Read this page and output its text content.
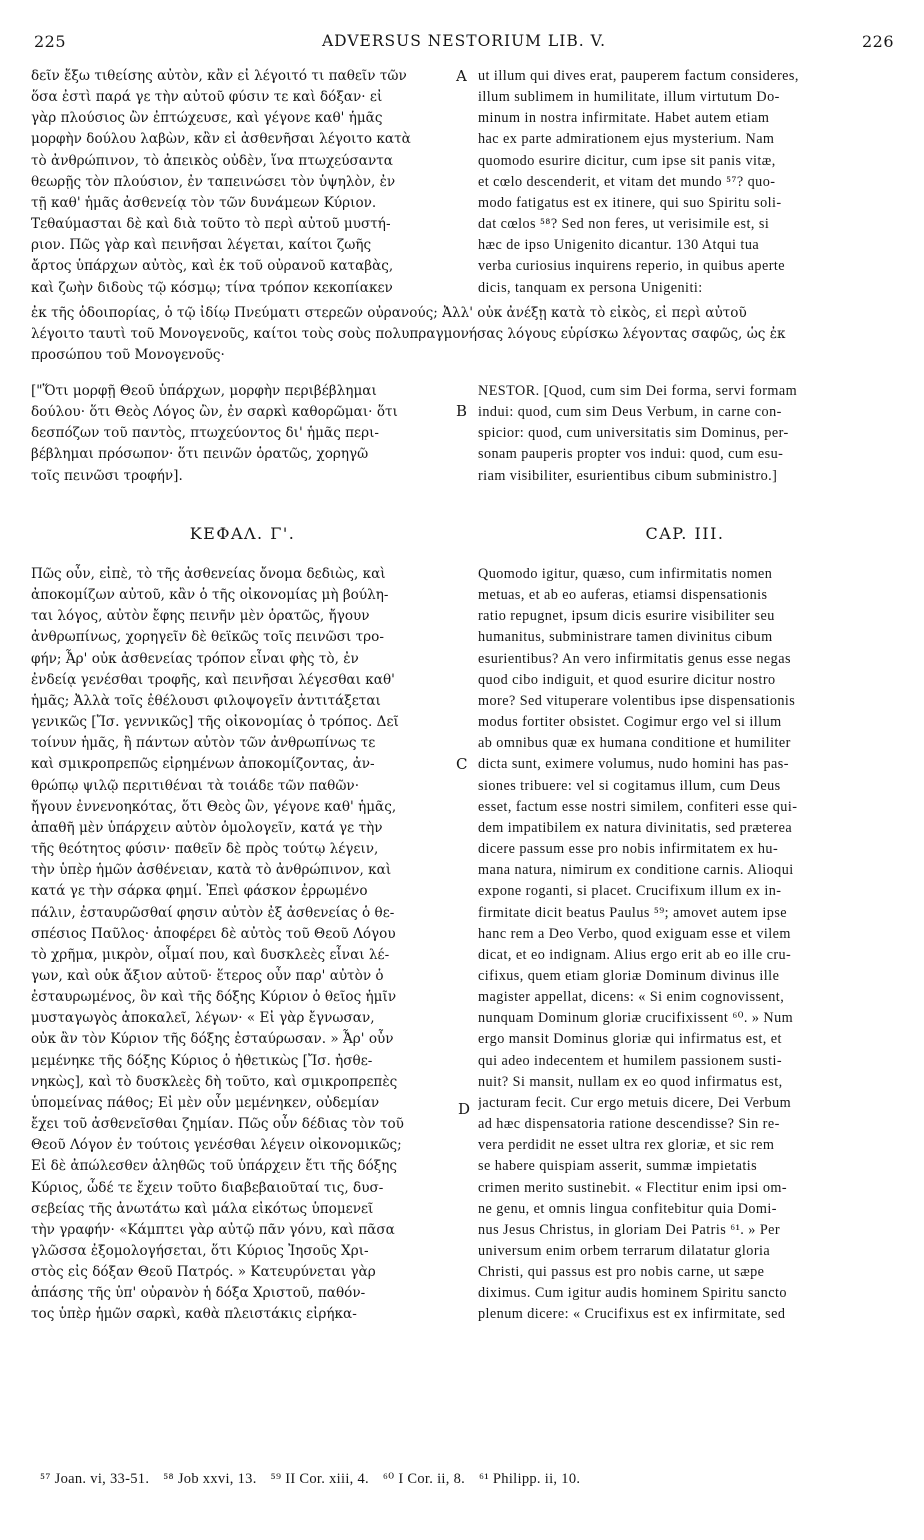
225	ADVERSUS NESTORIUM LIB. V.	226
δεῖν ἔξω τιθείσης αὐτὸν, κἂν εἰ λέγοιτό τι παθεῖν τῶν
ὅσα ἐστὶ παρά γε τὴν αὐτοῦ φύσιν τε καὶ δόξαν· εἰ
γὰρ πλούσιος ὢν ἐπτώχευσε, καὶ γέγονε καθ' ἡμᾶς
μορφὴν δούλου λαβὼν, κἂν εἰ ἀσθενῆσαι λέγοιτο κατὰ
τὸ ἀνθρώπινον, τὸ ἀπεικὸς οὐδὲν, ἵνα πτωχεύσαντα
θεωρῇς τὸν πλούσιον, ἐν ταπεινώσει τὸν ὑψηλὸν, ἐν
τῇ καθ' ἡμᾶς ἀσθενείᾳ τὸν τῶν δυνάμεων Κύριον.
Τεθαύμασται δὲ καὶ διὰ τοῦτο τὸ περὶ αὐτοῦ μυστή-
ριον. Πῶς γὰρ καὶ πεινῆσαι λέγεται, καίτοι ζωῆς
ἄρτος ὑπάρχων αὐτὸς, καὶ ἐκ τοῦ οὐρανοῦ καταβὰς,
καὶ ζωὴν διδοὺς τῷ κόσμῳ; τίνα τρόπον κεκοπίακεν
ut illum qui dives erat, pauperem factum consideres,
illum sublimem in humilitate, illum virtutum Do-
minum in nostra infirmitate. Habet autem etiam
hac ex parte admirationem ejus mysterium. Nam
quomodo esurire dicitur, cum ipse sit panis vitæ,
et cœlo descenderit, et vitam det mundo ⁵⁷? quo-
modo fatigatus est ex itinere, qui suo Spiritu soli-
dat cœlos ⁵⁸? Sed non feres, ut verisimile est, si
hæc de ipso Unigenito dicantur. 130 Atqui tua
verba curiosius inquirens reperio, in quibus aperte
dicis, tanquam ex persona Unigeniti:
ἐκ τῆς ὁδοιπορίας, ὁ τῷ ἰδίῳ Πνεύματι στερεῶν οὐρανούς; Ἀλλ' οὐκ ἀνέξῃ κατὰ τὸ εἰκὸς, εἰ περὶ αὐτοῦ
λέγοιτο ταυτὶ τοῦ Μονογενοῦς, καίτοι τοὺς σοὺς πολυπραγμονήσας λόγους εὑρίσκω λέγοντας σαφῶς, ὡς ἐκ
προσώπου τοῦ Μονογενοῦς·
["Ὅτι μορφῇ Θεοῦ ὑπάρχων, μορφὴν περιβέβλημαι
δούλου· ὅτι Θεὸς Λόγος ὢν, ἐν σαρκὶ καθορῶμαι· ὅτι
δεσπόζων τοῦ παντὸς, πτωχεύοντος δι' ἡμᾶς περι-
βέβλημαι πρόσωπον· ὅτι πεινῶν ὁρατῶς, χορηγῶ
τοῖς πεινῶσι τροφήν].
NESTOR. [Quod, cum sim Dei forma, servi formam
indui: quod, cum sim Deus Verbum, in carne con-
spicior: quod, cum universitatis sim Dominus, per-
sonam pauperis propter vos indui: quod, cum esu-
riam visibiliter, esurientibus cibum subministro.]
ΚΕΦΑΛ. Γ'.	CAP. III.
Πῶς οὖν, εἰπὲ, τὸ τῆς ἀσθενείας ὄνομα δεδιὼς, καὶ
ἀποκομίζων αὐτοῦ, κἂν ὁ τῆς οἰκονομίας μὴ βούλη-
ται λόγος, αὐτὸν ἔφης πεινῆν μὲν ὁρατῶς, ἤγουν
ἀνθρωπίνως, χορηγεῖν δὲ θεϊκῶς τοῖς πεινῶσι τρο-
φήν; Ἆρ' οὐκ ἀσθενείας τρόπον εἶναι φὴς τὸ, ἐν
ἐνδείᾳ γενέσθαι τροφῆς, καὶ πεινῆσαι λέγεσθαι καθ'
ἡμᾶς; Ἀλλὰ τοῖς ἐθέλουσι φιλοψογεῖν ἀντιτάξεται
γενικῶς [Ἴσ. γεννικῶς] τῆς οἰκονομίας ὁ τρόπος. Δεῖ
τοίνυν ἡμᾶς, ἢ πάντων αὐτὸν τῶν ἀνθρωπίνως τε
καὶ σμικροπρεπῶς εἰρημένων ἀποκομίζοντας, ἀν-
θρώπῳ ψιλῷ περιτιθέναι τὰ τοιάδε τῶν παθῶν·
ἤγουν ἐννενοηκότας, ὅτι Θεὸς ὢν, γέγονε καθ' ἡμᾶς,
ἀπαθῆ μὲν ὑπάρχειν αὐτὸν ὁμολογεῖν, κατά γε τὴν
τῆς θεότητος φύσιν· παθεῖν δὲ πρὸς τούτῳ λέγειν,
τὴν ὑπὲρ ἡμῶν ἀσθένειαν, κατὰ τὸ ἀνθρώπινον, καὶ
κατά γε τὴν σάρκα φημί. Ἐπεὶ φάσκον ἐρρωμένο
πάλιν, ἐσταυρῶσθαί φησιν αὐτὸν ἐξ ἀσθενείας ὁ θε-
σπέσιος Παῦλος· ἀποφέρει δὲ αὐτὸς τοῦ Θεοῦ Λόγου
τὸ χρῆμα, μικρὸν, οἶμαί που, καὶ δυσκλεὲς εἶναι λέ-
γων, καὶ οὐκ ἄξιον αὐτοῦ· ἕτερος οὖν παρ' αὐτὸν ὁ
ἐσταυρωμένος, ὃν καὶ τῆς δόξης Κύριον ὁ θεῖος ἡμῖν
μυσταγωγὸς ἀποκαλεῖ, λέγων· « Εἰ γὰρ ἔγνωσαν,
οὐκ ἂν τὸν Κύριον τῆς δόξης ἐσταύρωσαν. » Ἆρ' οὖν
μεμένηκε τῆς δόξης Κύριος ὁ ἠθετικὼς [Ἴσ. ἠσθε-
νηκὼς], καὶ τὸ δυσκλεὲς δὴ τοῦτο, καὶ σμικροπρεπὲς
ὑπομείνας πάθος; Εἰ μὲν οὖν μεμένηκεν, οὐδεμίαν
ἔχει τοῦ ἀσθενεῖσθαι ζημίαν. Πῶς οὖν δέδιας τὸν τοῦ
Θεοῦ Λόγον ἐν τούτοις γενέσθαι λέγειν οἰκονομικῶς;
Εἰ δὲ ἀπώλεσθεν ἀληθῶς τοῦ ὑπάρχειν ἔτι τῆς δόξης
Κύριος, ὧδέ τε ἔχειν τοῦτο διαβεβαιοῦταί τις, δυσ-
σεβείας τῆς ἀνωτάτω καὶ μάλα εἰκότως ὑπομενεῖ
τὴν γραφήν· «Κάμπτει γὰρ αὐτῷ πᾶν γόνυ, καὶ πᾶσα
γλῶσσα ἐξομολογήσεται, ὅτι Κύριος Ἰησοῦς Χρι-
στὸς εἰς δόξαν Θεοῦ Πατρός. » Κατευρύνεται γὰρ
ἁπάσης τῆς ὑπ' οὐρανὸν ἡ δόξα Χριστοῦ, παθόν-
τος ὑπὲρ ἡμῶν σαρκὶ, καθὰ πλειστάκις εἰρήκα-
Quomodo igitur, quæso, cum infirmitatis nomen
metuas, et ab eo auferas, etiamsi dispensationis
ratio repugnet, ipsum dicis esurire visibiliter seu
humanitus, subministrare tamen divinitus cibum
esurientibus? An vero infirmitatis genus esse negas
quod cibo indiguit, et quod esurire dicitur nostro
more? Sed vituperare volentibus ipse dispensationis
modus fortiter obsistet. Cogimur ergo vel si illum
ab omnibus quæ ex humana conditione et humiliter
dicta sunt, eximere volumus, nudo homini has pas-
siones tribuere: vel si cogitamus illum, cum Deus
esset, factum esse nostri similem, confiteri esse qui-
dem impatibilem ex natura divinitatis, sed præterea
dicere passum esse pro nobis infirmitatem ex hu-
mana natura, nimirum ex conditione carnis. Alioqui
expone roganti, si placet. Crucifixum illum ex in-
firmitate dicit beatus Paulus ⁵⁹; amovet autem ipse
hanc rem a Deo Verbo, quod exiguam esse et vilem
dicat, et eo indignam. Alius ergo erit ab eo ille cru-
cifixus, quem etiam gloriæ Dominum divinus ille
magister appellat, dicens: « Si enim cognovissent,
nunquam Dominum gloriæ crucifixissent ⁶⁰. » Num
ergo mansit Dominus gloriæ qui infirmatus est, et
qui adeo indecentem et humilem passionem susti-
nuit? Si mansit, nullam ex eo quod infirmatus est,
jacturam fecit. Cur ergo metuis dicere, Dei Verbum
ad hæc dispensatoria ratione descendisse? Sin re-
vera perdidit ne esset ultra rex gloriæ, et sic rem
se habere quispiam asserit, summæ impietatis
crimen merito sustinebit. « Flectitur enim ipsi om-
ne genu, et omnis lingua confitebitur quia Domi-
nus Jesus Christus, in gloriam Dei Patris ⁶¹. » Per
universum enim orbem terrarum dilatatur gloria
Christi, qui passus est pro nobis carne, ut sæpe
diximus. Cum igitur audis hominem Spiritu sancto
plenum dicere: « Crucifixus est ex infirmitate, sed
A
B
C
D
⁵⁷ Joan. vi, 33-51. ⁵⁸ Job xxvi, 13. ⁵⁹ II Cor. xiii, 4. ⁶⁰ I Cor. ii, 8. ⁶¹ Philipp. ii, 10.
